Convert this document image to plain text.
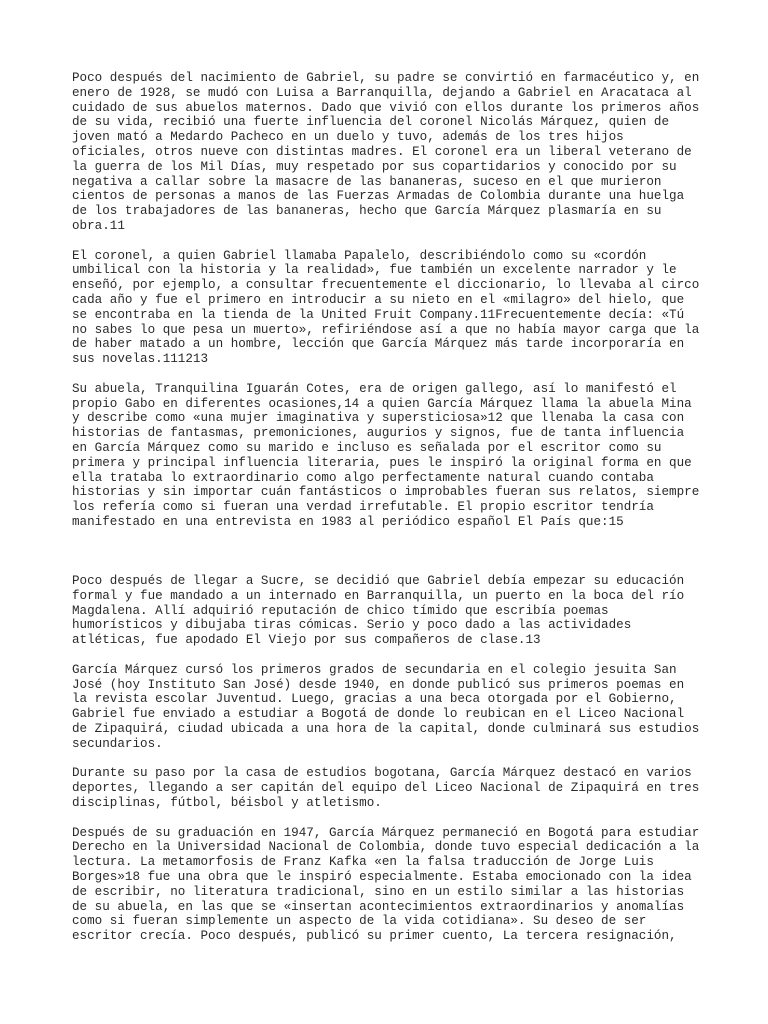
Poco después del nacimiento de Gabriel, su padre se convirtió en farmacéutico y, en
enero de 1928, se mudó con Luisa a Barranquilla, dejando a Gabriel en Aracataca al
cuidado de sus abuelos maternos. Dado que vivió con ellos durante los primeros años
de su vida, recibió una fuerte influencia del coronel Nicolás Márquez, quien de
joven mató a Medardo Pacheco en un duelo y tuvo, además de los tres hijos
oficiales, otros nueve con distintas madres. El coronel era un liberal veterano de
la guerra de los Mil Días, muy respetado por sus copartidarios y conocido por su
negativa a callar sobre la masacre de las bananeras, suceso en el que murieron
cientos de personas a manos de las Fuerzas Armadas de Colombia durante una huelga
de los trabajadores de las bananeras, hecho que García Márquez plasmaría en su
obra.11

El coronel, a quien Gabriel llamaba Papalelo, describiéndolo como su «cordón
umbilical con la historia y la realidad», fue también un excelente narrador y le
enseñó, por ejemplo, a consultar frecuentemente el diccionario, lo llevaba al circo
cada año y fue el primero en introducir a su nieto en el «milagro» del hielo, que
se encontraba en la tienda de la United Fruit Company.11Frecuentemente decía: «Tú
no sabes lo que pesa un muerto», refiriéndose así a que no había mayor carga que la
de haber matado a un hombre, lección que García Márquez más tarde incorporaría en
sus novelas.111213

Su abuela, Tranquilina Iguarán Cotes, era de origen gallego, así lo manifestó el
propio Gabo en diferentes ocasiones,14 a quien García Márquez llama la abuela Mina
y describe como «una mujer imaginativa y supersticiosa»12 que llenaba la casa con
historias de fantasmas, premoniciones, augurios y signos, fue de tanta influencia
en García Márquez como su marido e incluso es señalada por el escritor como su
primera y principal influencia literaria, pues le inspiró la original forma en que
ella trataba lo extraordinario como algo perfectamente natural cuando contaba
historias y sin importar cuán fantásticos o improbables fueran sus relatos, siempre
los refería como si fueran una verdad irrefutable. El propio escritor tendría
manifestado en una entrevista en 1983 al periódico español El País que:15

Poco después de llegar a Sucre, se decidió que Gabriel debía empezar su educación
formal y fue mandado a un internado en Barranquilla, un puerto en la boca del río
Magdalena. Allí adquirió reputación de chico tímido que escribía poemas
humorísticos y dibujaba tiras cómicas. Serio y poco dado a las actividades
atléticas, fue apodado El Viejo por sus compañeros de clase.13

García Márquez cursó los primeros grados de secundaria en el colegio jesuita San
José (hoy Instituto San José) desde 1940, en donde publicó sus primeros poemas en
la revista escolar Juventud. Luego, gracias a una beca otorgada por el Gobierno,
Gabriel fue enviado a estudiar a Bogotá de donde lo reubican en el Liceo Nacional
de Zipaquirá, ciudad ubicada a una hora de la capital, donde culminará sus estudios
secundarios.

Durante su paso por la casa de estudios bogotana, García Márquez destacó en varios
deportes, llegando a ser capitán del equipo del Liceo Nacional de Zipaquirá en tres
disciplinas, fútbol, béisbol y atletismo.

Después de su graduación en 1947, García Márquez permaneció en Bogotá para estudiar
Derecho en la Universidad Nacional de Colombia, donde tuvo especial dedicación a la
lectura. La metamorfosis de Franz Kafka «en la falsa traducción de Jorge Luis
Borges»18 fue una obra que le inspiró especialmente. Estaba emocionado con la idea
de escribir, no literatura tradicional, sino en un estilo similar a las historias
de su abuela, en las que se «insertan acontecimientos extraordinarios y anomalías
como si fueran simplemente un aspecto de la vida cotidiana». Su deseo de ser
escritor crecía. Poco después, publicó su primer cuento, La tercera resignación,
